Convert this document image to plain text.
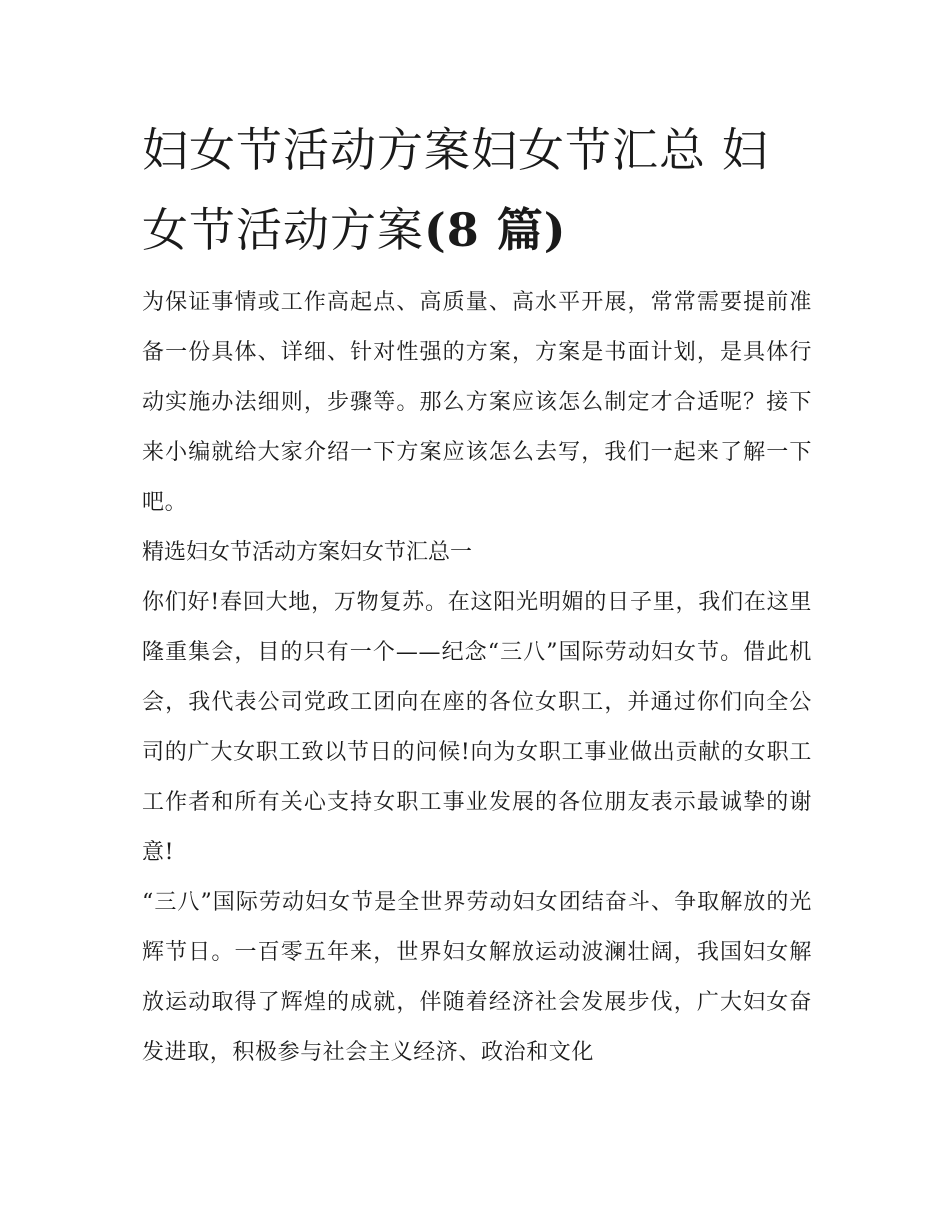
妇女节活动方案妇女节汇总 妇女节活动方案(8 篇)

为保证事情或工作高起点、高质量、高水平开展，常常需要提前准备一份具体、详细、针对性强的方案，方案是书面计划，是具体行动实施办法细则，步骤等。那么方案应该怎么制定才合适呢？接下来小编就给大家介绍一下方案应该怎么去写，我们一起来了解一下吧。

精选妇女节活动方案妇女节汇总一

你们好!春回大地，万物复苏。在这阳光明媚的日子里，我们在这里隆重集会，目的只有一个——纪念“三八”国际劳动妇女节。借此机会，我代表公司党政工团向在座的各位女职工，并通过你们向全公司的广大女职工致以节日的问候!向为女职工事业做出贡献的女职工工作者和所有关心支持女职工事业发展的各位朋友表示最诚挚的谢意!

“三八”国际劳动妇女节是全世界劳动妇女团结奋斗、争取解放的光辉节日。一百零五年来，世界妇女解放运动波澜壮阔，我国妇女解放运动取得了辉煌的成就，伴随着经济社会发展步伐，广大妇女奋发进取，积极参与社会主义经济、政治和文化
